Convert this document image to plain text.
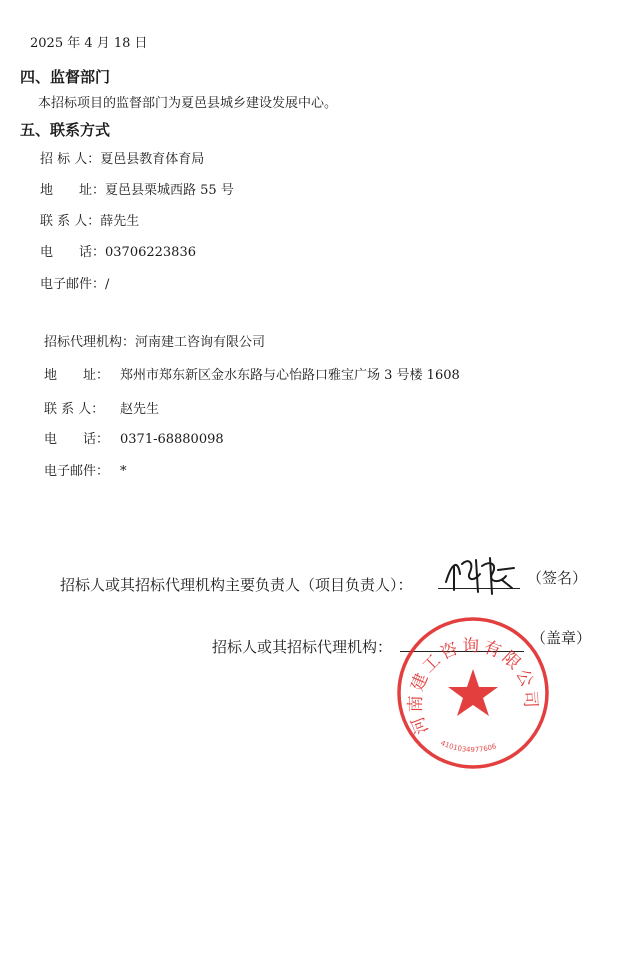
2025 年 4 月 18 日
四、监督部门
本招标项目的监督部门为夏邑县城乡建设发展中心。
五、联系方式
招 标 人：夏邑县教育体育局
地　　址：夏邑县栗城西路 55 号
联 系 人：薛先生
电　　话：03706223836
电子邮件：/
招标代理机构：河南建工咨询有限公司
地　　址： 郑州市郑东新区金水东路与心怡路口雅宝广场 3 号楼 1608
联 系 人： 赵先生
电　　话： 0371-68880098
电子邮件： *
招标人或其招标代理机构主要负责人（项目负责人）：	（签名）
招标人或其招标代理机构：	（盖章）
河南建工咨询有限公司
4101034977606
